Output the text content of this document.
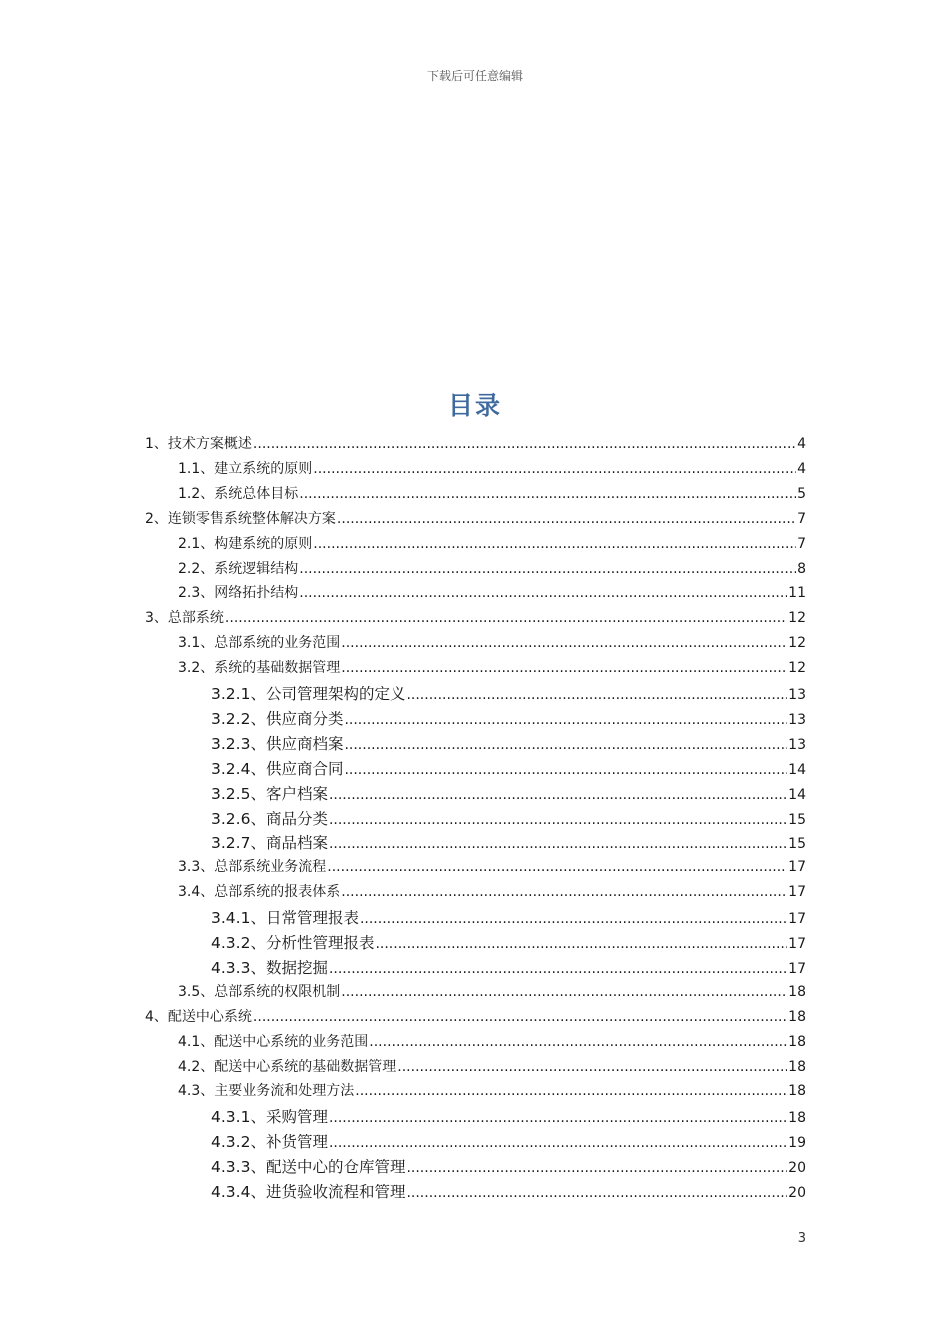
下载后可任意编辑
目录
1、技术方案概述 .....	4
1.1、建立系统的原则 .....	4
1.2、系统总体目标 .....	5
2、连锁零售系统整体解决方案 .....	7
2.1、构建系统的原则 .....	7
2.2、系统逻辑结构 .....	8
2.3、网络拓扑结构 .....	11
3、总部系统 .....	12
3.1、总部系统的业务范围 .....	12
3.2、系统的基础数据管理 .....	12
3.2.1、公司管理架构的定义 .....	13
3.2.2、供应商分类 .....	13
3.2.3、供应商档案 .....	13
3.2.4、供应商合同 .....	14
3.2.5、客户档案 .....	14
3.2.6、商品分类 .....	15
3.2.7、商品档案 .....	15
3.3、总部系统业务流程 .....	17
3.4、总部系统的报表体系 .....	17
3.4.1、日常管理报表 .....	17
4.3.2、分析性管理报表 .....	17
4.3.3、数据挖掘 .....	17
3.5、总部系统的权限机制 .....	18
4、配送中心系统 .....	18
4.1、配送中心系统的业务范围 .....	18
4.2、配送中心系统的基础数据管理 .....	18
4.3、主要业务流和处理方法 .....	18
4.3.1、采购管理 .....	18
4.3.2、补货管理 .....	19
4.3.3、配送中心的仓库管理 .....	20
4.3.4、进货验收流程和管理 .....	20
3
